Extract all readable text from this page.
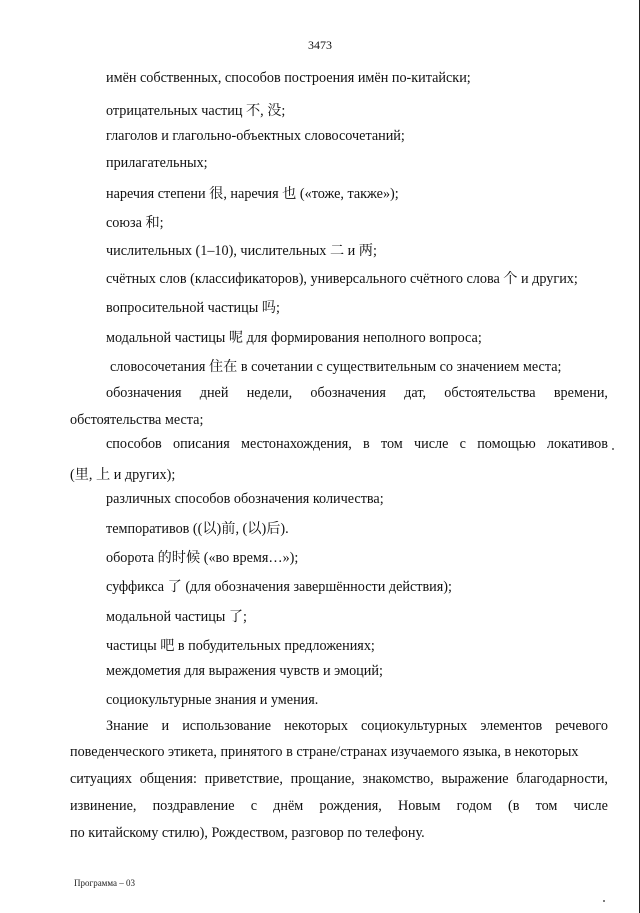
3473
имён собственных, способов построения имён по-китайски;
отрицательных частиц 不, 没;
глаголов и глагольно-объектных словосочетаний;
прилагательных;
наречия степени 很, наречия 也 («тоже, также»);
союза 和;
числительных (1–10), числительных 二 и 两;
счётных слов (классификаторов), универсального счётного слова 个 и других;
вопросительной частицы 吗;
модальной частицы 呢 для формирования неполного вопроса;
словосочетания 住在 в сочетании с существительным со значением места;
обозначения дней недели, обозначения дат, обстоятельства времени,
обстоятельства места;
способов описания местонахождения, в том числе с помощью локативов
(里, 上 и других);
различных способов обозначения количества;
темпоративов ((以)前, (以)后).
оборота 的时候 («во время…»);
суффикса 了 (для обозначения завершённости действия);
модальной частицы 了;
частицы 吧 в побудительных предложениях;
междометия для выражения чувств и эмоций;
социокультурные знания и умения.
Знание и использование некоторых социокультурных элементов речевого
поведенческого этикета, принятого в стране/странах изучаемого языка, в некоторых
ситуациях общения: приветствие, прощание, знакомство, выражение благодарности,
извинение, поздравление с днём рождения, Новым годом (в том числе
по китайскому стилю), Рождеством, разговор по телефону.
Программа – 03
